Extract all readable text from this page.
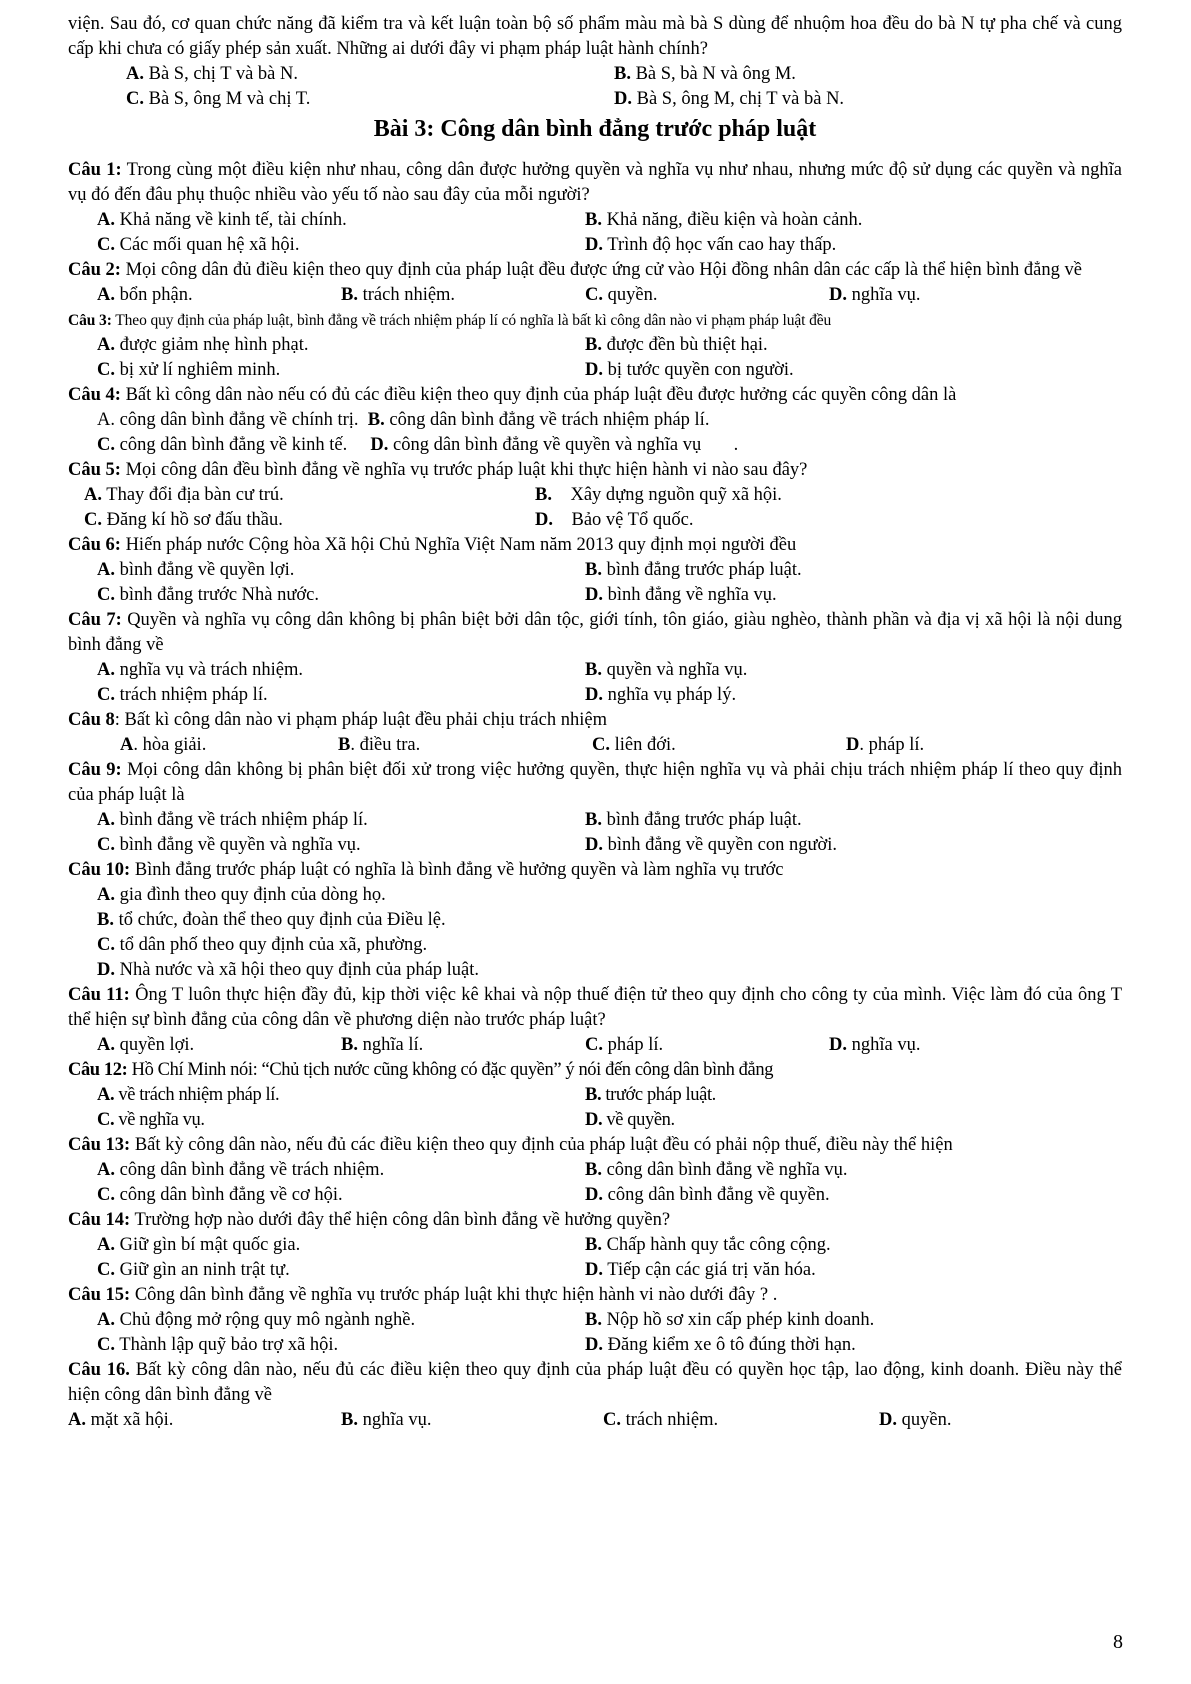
viện. Sau đó, cơ quan chức năng đã kiểm tra và kết luận toàn bộ số phẩm màu mà bà S dùng để nhuộm hoa đều do bà N tự pha chế và cung cấp khi chưa có giấy phép sản xuất. Những ai dưới đây vi phạm pháp luật hành chính?
A. Bà S, chị T và bà N.	B. Bà S, bà N và ông M.
C. Bà S, ông M và chị T.	D. Bà S, ông M, chị T và bà N.
Bài 3: Công dân bình đẳng trước pháp luật
Câu 1: Trong cùng một điều kiện như nhau, công dân được hưởng quyền và nghĩa vụ như nhau, nhưng mức độ sử dụng các quyền và nghĩa vụ đó đến đâu phụ thuộc nhiều vào yếu tố nào sau đây của mỗi người?
A. Khả năng về kinh tế, tài chính.	B. Khả năng, điều kiện và hoàn cảnh.
C. Các mối quan hệ xã hội.	D. Trình độ học vấn cao hay thấp.
Câu 2: Mọi công dân đủ điều kiện theo quy định của pháp luật đều được ứng cử vào Hội đồng nhân dân các cấp là thể hiện bình đẳng về
A. bổn phận.	B. trách nhiệm.	C. quyền.	D. nghĩa vụ.
Câu 3: Theo quy định của pháp luật, bình đẳng về trách nhiệm pháp lí có nghĩa là bất kì công dân nào vi phạm pháp luật đều
A. được giảm nhẹ hình phạt.	B. được đền bù thiệt hại.
C. bị xử lí nghiêm minh.	D. bị tước quyền con người.
Câu 4: Bất kì công dân nào nếu có đủ các điều kiện theo quy định của pháp luật đều được hưởng các quyền công dân là
A. công dân bình đẳng về chính trị. B. công dân bình đẳng về trách nhiệm pháp lí.
C. công dân bình đẳng về kinh tế. D. công dân bình đẳng về quyền và nghĩa vụ       .
Câu 5: Mọi công dân đều bình đẳng về nghĩa vụ trước pháp luật khi thực hiện hành vi nào sau đây?
A. Thay đổi địa bàn cư trú.	B. Xây dựng nguồn quỹ xã hội.
C. Đăng kí hồ sơ đấu thầu.	D. Bảo vệ Tổ quốc.
Câu 6: Hiến pháp nước Cộng hòa Xã hội Chủ Nghĩa Việt Nam năm 2013 quy định mọi người đều
A. bình đẳng về quyền lợi.	B. bình đẳng trước pháp luật.
C. bình đẳng trước Nhà nước.	D. bình đẳng về nghĩa vụ.
Câu 7: Quyền và nghĩa vụ công dân không bị phân biệt bởi dân tộc, giới tính, tôn giáo, giàu nghèo, thành phần và địa vị xã hội là nội dung bình đẳng về
A. nghĩa vụ và trách nhiệm.	B. quyền và nghĩa vụ.
C. trách nhiệm pháp lí.	D. nghĩa vụ pháp lý.
Câu 8: Bất kì công dân nào vi phạm pháp luật đều phải chịu trách nhiệm
A. hòa giải.	B. điều tra.	C. liên đới.	D. pháp lí.
Câu 9: Mọi công dân không bị phân biệt đối xử trong việc hưởng quyền, thực hiện nghĩa vụ và phải chịu trách nhiệm pháp lí theo quy định của pháp luật là
A. bình đẳng về trách nhiệm pháp lí.	B. bình đẳng trước pháp luật.
C. bình đẳng về quyền và nghĩa vụ.	D. bình đẳng về quyền con người.
Câu 10: Bình đẳng trước pháp luật có nghĩa là bình đẳng về hưởng quyền và làm nghĩa vụ trước
A. gia đình theo quy định của dòng họ.
B. tổ chức, đoàn thể theo quy định của Điều lệ.
C. tổ dân phố theo quy định của xã, phường.
D. Nhà nước và xã hội theo quy định của pháp luật.
Câu 11: Ông T luôn thực hiện đầy đủ, kịp thời việc kê khai và nộp thuế điện tử theo quy định cho công ty của mình. Việc làm đó của ông T thể hiện sự bình đẳng của công dân về phương diện nào trước pháp luật?
A. quyền lợi.	B. nghĩa lí.	C. pháp lí.	D. nghĩa vụ.
Câu 12: Hồ Chí Minh nói: “Chủ tịch nước cũng không có đặc quyền” ý nói đến công dân bình đẳng
A. về trách nhiệm pháp lí.	B. trước pháp luật.
C. về nghĩa vụ.	D. về quyền.
Câu 13: Bất kỳ công dân nào, nếu đủ các điều kiện theo quy định của pháp luật đều có phải nộp thuế, điều này thể hiện
A. công dân bình đẳng về trách nhiệm.	B. công dân bình đẳng về nghĩa vụ.
C. công dân bình đẳng về cơ hội.	D. công dân bình đẳng về quyền.
Câu 14: Trường hợp nào dưới đây thể hiện công dân bình đẳng về hưởng quyền?
A. Giữ gìn bí mật quốc gia.	B. Chấp hành quy tắc công cộng.
C. Giữ gìn an ninh trật tự.	D. Tiếp cận các giá trị văn hóa.
Câu 15: Công dân bình đẳng về nghĩa vụ trước pháp luật khi thực hiện hành vi nào dưới đây ? .
A. Chủ động mở rộng quy mô ngành nghề.	B. Nộp hồ sơ xin cấp phép kinh doanh.
C. Thành lập quỹ bảo trợ xã hội.	D. Đăng kiểm xe ô tô đúng thời hạn.
Câu 16. Bất kỳ công dân nào, nếu đủ các điều kiện theo quy định của pháp luật đều có quyền học tập, lao động, kinh doanh. Điều này thể hiện công dân bình đẳng về
A. mặt xã hội.	B. nghĩa vụ.	C. trách nhiệm.	D. quyền.
8
